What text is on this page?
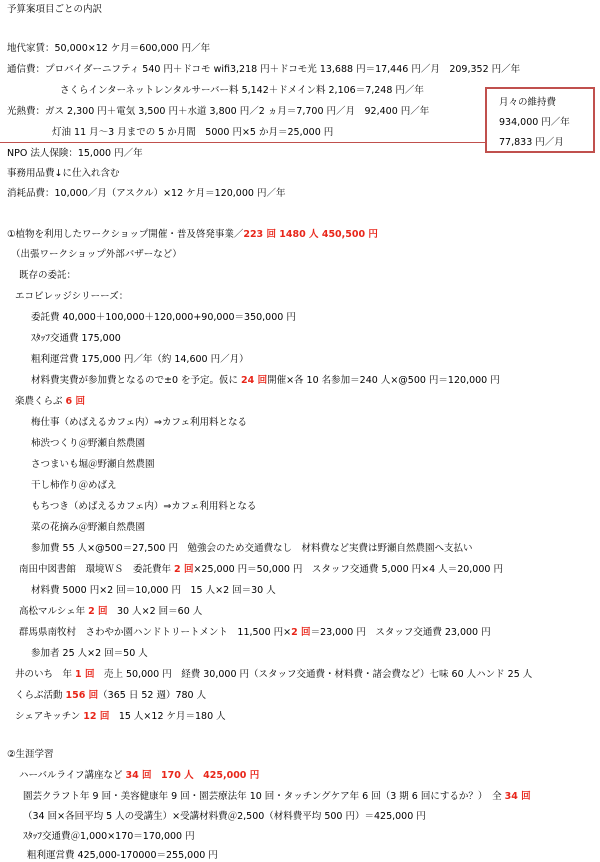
予算案項目ごとの内訳
地代家賃：50,000×12 ケ月＝600,000 円／年
通信費：プロバイダーニフティ 540 円＋ドコモ wifi3,218 円＋ドコモ光 13,688 円＝17,446 円／月　209,352 円／年
さくらインターネットレンタルサーバー料 5,142＋ドメイン料 2,106＝7,248 円／年
光熱費：ガス 2,300 円＋電気 3,500 円＋水道 3,800 円／2 ヵ月＝7,700 円／月　92,400 円／年
灯油 11 月～3 月までの 5 か月間　5000 円×5 か月＝25,000 円
月々の維持費
934,000 円／年
77,833 円／月
NPO 法人保険：15,000 円／年
事務用品費↓に仕入れ含む
消耗品費：10,000／月（アスクル）×12 ケ月＝120,000 円／年
①植物を利用したワークショップ開催・普及啓発事業／223 回 1480 人 450,500 円
（出張ワークショップ外部バザーなど）
既存の委託：
エコビレッジシリーーズ：
委託費 40,000＋100,000＋120,000+90,000＝350,000 円
ｽﾀｯﾌ交通費 175,000
粗利運営費 175,000 円／年（約 14,600 円／月）
材料費実費が参加費となるので±0 を予定。仮に 24 回開催×各 10 名参加＝240 人×@500 円＝120,000 円
楽農くらぶ 6 回
梅仕事（めばえるカフェ内）⇒カフェ利用料となる
柿渋つくり＠野瀬自然農園
さつまいも堀＠野瀬自然農園
干し柿作り＠めばえ
もちつき（めばえるカフェ内）⇒カフェ利用料となる
菜の花摘み＠野瀬自然農園
参加費 55 人×@500＝27,500 円　勉強会のため交通費なし　材料費など実費は野瀬自然農園へ支払い
南田中図書館　環境ＷＳ　委託費年 2 回×25,000 円＝50,000 円　スタッフ交通費 5,000 円×4 人＝20,000 円
材料費 5000 円×2 回＝10,000 円　15 人×2 回＝30 人
高松マルシェ年 2 回　30 人×2 回＝60 人
群馬県南牧村　さわやか園ハンドトリートメント　11,500 円×2 回＝23,000 円　スタッフ交通費 23,000 円
参加者 25 人×2 回＝50 人
井のいち　年 1 回　売上 50,000 円　経費 30,000 円（スタッフ交通費・材料費・諸会費など）七味 60 人ハンド 25 人
くらぶ活動 156 回（365 日 52 週）780 人
シェアキッチン 12 回　15 人×12 ケ月＝180 人
②生涯学習
ハーバルライフ講座など 34 回　170 人　425,000 円
園芸クラフト年 9 回・美容健康年 9 回・園芸療法年 10 回・タッチングケア年 6 回（3 期 6 回にするか？）　全 34 回
（34 回×各回平均 5 人の受講生）×受講材料費＠2,500（材料費平均 500 円）＝425,000 円
ｽﾀｯﾌ交通費＠1,000×170＝170,000 円
粗利運営費 425,000-170000＝255,000 円
